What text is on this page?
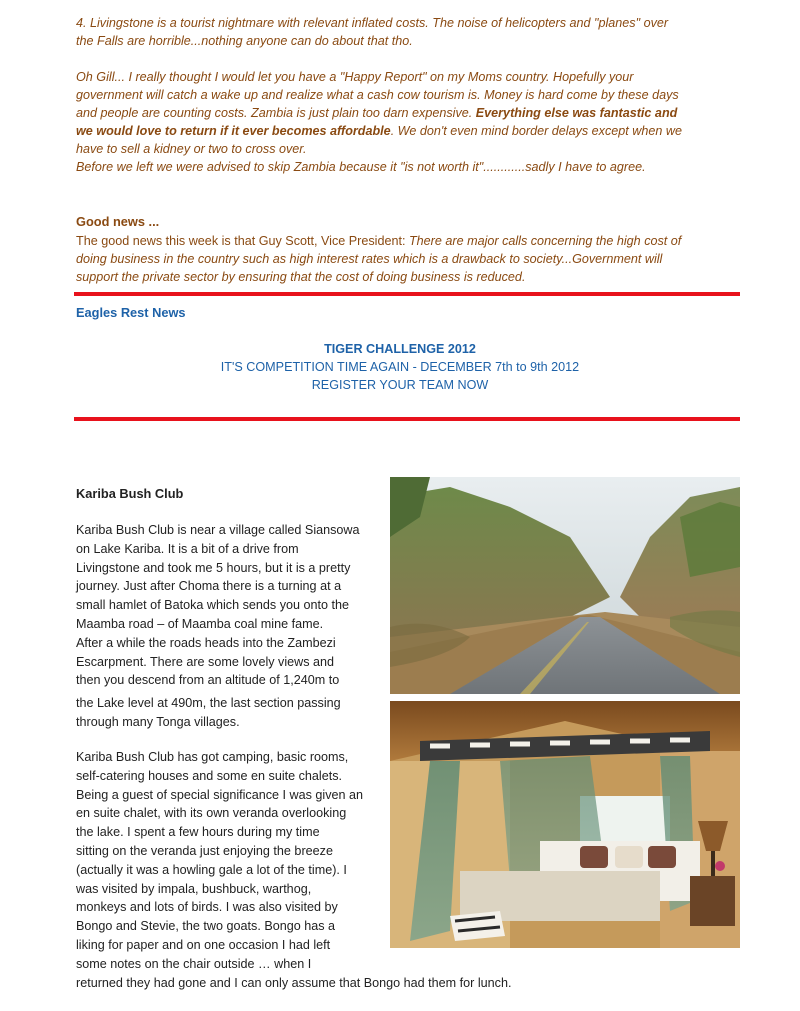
4. Livingstone is a tourist nightmare with relevant inflated costs. The noise of helicopters and "planes" over
the Falls are horrible...nothing anyone can do about that tho.
Oh Gill... I really thought I would let you have a "Happy Report" on my Moms country. Hopefully your
government will catch a wake up and realize what a cash cow tourism is. Money is hard come by these days
and people are counting costs. Zambia is just plain too darn expensive. Everything else was fantastic and
we would love to return if it ever becomes affordable. We don't even mind border delays except when we
have to sell a kidney or two to cross over.
Before we left we were advised to skip Zambia because it "is not worth it"............sadly I have to agree.
Good news ...
The good news this week is that Guy Scott, Vice President: There are major calls concerning the high cost of
doing business in the country such as high interest rates which is a drawback to society...Government will
support the private sector by ensuring that the cost of doing business is reduced.
Eagles Rest News
TIGER CHALLENGE 2012
IT'S COMPETITION TIME AGAIN - DECEMBER 7th to 9th 2012
REGISTER YOUR TEAM NOW
Kariba Bush Club
Kariba Bush Club is near a village called Siansowa
on Lake Kariba. It is a bit of a drive from
Livingstone and took me 5 hours, but it is a pretty
journey. Just after Choma there is a turning at a
small hamlet of Batoka which sends you onto the
Maamba road – of Maamba coal mine fame.
After a while the roads heads into the Zambezi
Escarpment. There are some lovely views and
then you descend from an altitude of 1,240m to
the Lake level at 490m, the last section passing
through many Tonga villages.
Kariba Bush Club has got camping, basic rooms,
self-catering houses and some en suite chalets.
Being a guest of special significance I was given an
en suite chalet, with its own veranda overlooking
the lake. I spent a few hours during my time
sitting on the veranda just enjoying the breeze
(actually it was a howling gale a lot of the time). I
was visited by impala, bushbuck, warthog,
monkeys and lots of birds. I was also visited by
Bongo and Stevie, the two goats. Bongo has a
liking for paper and on one occasion I had left
some notes on the chair outside … when I
returned they had gone and I can only assume that Bongo had them for lunch.
